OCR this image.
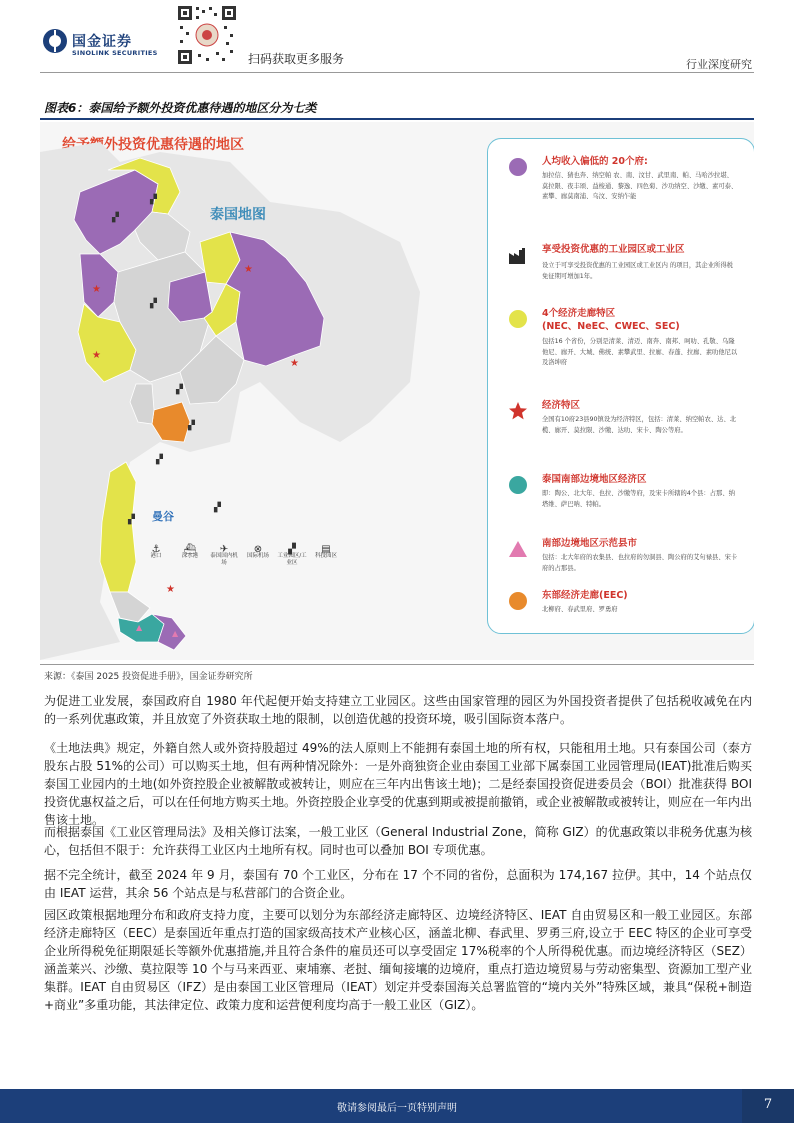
国金证券
SINOLINK SECURITIES	扫码获取更多服务	行业深度研究
图表6：泰国给予额外投资优惠待遇的地区分为七类
给予额外投资优惠待遇的地区
★
★
★
★
★
▲
▲
▞
▞
▞
▞
▞
▞
▞
▞
泰国地图
曼谷
⚓
港口
⛴
深水港
✈
泰国国内机场
⊗
国际机场
▞
工业园区/工业区
▤
科技园区
人均收入偏低的 20个府:
加拉信、猜也奔、纳空帕 农、南、汶甘、武里南、帕、马哈沙拉堪、莫拉限、夜丰颂、益梭通、黎逸、四色菊、沙功纳空、沙缴、素可泰、素攀、廊莫南浦、乌汶、安纳乍能
享受投资优惠的工业园区或工业区
设立于可享受投资优惠的工业园区或工业区内 的项目，其企业所得税免征期可增加1年。
4个经济走廊特区
(NEC、NeEC、CWEC、SEC)
包括16 个省份，分别是清莱、清迈、南奔、南邦、呵叻、孔敬、乌隆他尼、廊开、大城、佛统、素攀武里、拉廊、春蓬、拉廊、素叻他尼以及洛坤府
经济特区
全国有10府23县90镇设为经济特区，包括：清莱、纳空帕农、达、北榄、廊开、莫拉限、沙缴、达叻、宋卡、陶公等府。
泰国南部边境地区经济区
即：陶公、北大年、也拉、沙缴等府，及宋卡所辖的4个县：占那、纳塔维、萨巴呐、特帕。
南部边境地区示范县市
包括：北大年府的农集县、也拉府的勿洞县、陶公府的艾句禄县、宋卡府的占那县。
东部经济走廊(EEC)
北柳府、春武里府、罗勇府
来源：《泰国 2025 投资促进手册》，国金证券研究所
为促进工业发展，泰国政府自 1980 年代起便开始支持建立工业园区。这些由国家管理的园区为外国投资者提供了包括税收减免在内的一系列优惠政策，并且放宽了外资获取土地的限制，以创造优越的投资环境，吸引国际资本落户。
《土地法典》规定，外籍自然人或外资持股超过 49%的法人原则上不能拥有泰国土地的所有权，只能租用土地。只有泰国公司（泰方股东占股 51%的公司）可以购买土地，但有两种情况除外：一是外商独资企业由泰国工业部下属泰国工业园管理局(IEAT)批准后购买泰国工业园内的土地(如外资控股企业被解散或被转让，则应在三年内出售该土地)；二是经泰国投资促进委员会（BOI）批准获得 BOI 投资优惠权益之后，可以在任何地方购买土地。外资控股企业享受的优惠到期或被提前撤销，或企业被解散或被转让，则应在一年内出售该土地。
而根据泰国《工业区管理局法》及相关修订法案，一般工业区（General Industrial Zone，简称 GIZ）的优惠政策以非税务优惠为核心，包括但不限于：允许获得工业区内土地所有权。同时也可以叠加 BOI 专项优惠。
据不完全统计，截至 2024 年 9 月，泰国有 70 个工业区，分布在 17 个不同的省份，总面积为 174,167 拉伊。其中，14 个站点仅由 IEAT 运营，其余 56 个站点是与私营部门的合资企业。
园区政策根据地理分布和政府支持力度，主要可以划分为东部经济走廊特区、边境经济特区、IEAT 自由贸易区和一般工业园区。东部经济走廊特区（EEC）是泰国近年重点打造的国家级高技术产业核心区，涵盖北柳、春武里、罗勇三府,设立于 EEC 特区的企业可享受企业所得税免征期限延长等额外优惠措施,并且符合条件的雇员还可以享受固定 17%税率的个人所得税优惠。而边境经济特区（SEZ）涵盖莱兴、沙缴、莫拉限等 10 个与马来西亚、柬埔寨、老挝、缅甸接壤的边境府，重点打造边境贸易与劳动密集型、资源加工型产业集群。IEAT 自由贸易区（IFZ）是由泰国工业区管理局（IEAT）划定并受泰国海关总署监管的“境内关外”特殊区域，兼具“保税+制造+商业”多重功能，其法律定位、政策力度和运营便利度均高于一般工业区（GIZ）。
敬请参阅最后一页特别声明	7
